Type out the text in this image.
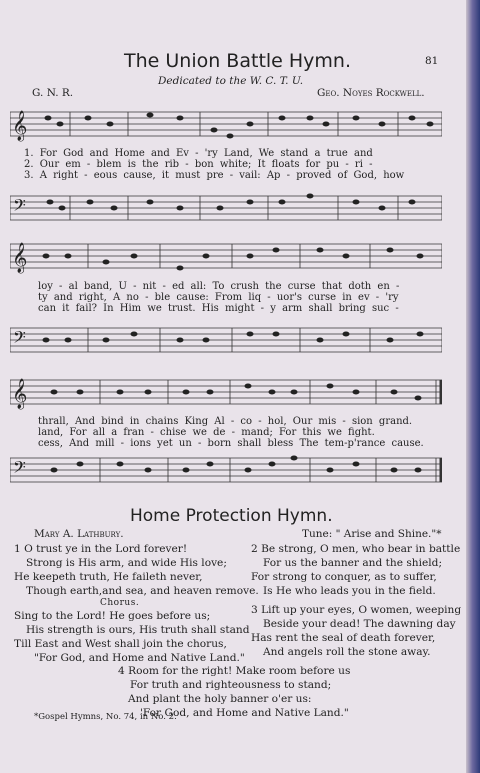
The Union Battle Hymn.	81
Dedicated to the W. C. T. U.
G. N. R.	Geo. Noyes Rockwell.
𝄞
1. For God and Home and Ev - 'ry Land, We stand a true and
2. Our em - blem is the rib - bon white; It floats for pu - ri -
3. A right - eous cause, it must pre - vail: Ap - proved of God, how
𝄢
𝄞
loy - al band, U - nit - ed all: To crush the curse that doth en -
ty and right, A no - ble cause: From liq - uor's curse in ev - 'ry
can it fail? In Him we trust. His might - y arm shall bring suc -
𝄢
𝄞
thrall, And bind in chains King Al - co - hol, Our mis - sion grand.
land, For all a fran - chise we de - mand; For this we fight.
cess, And mill - ions yet un - born shall bless The tem-p'rance cause.
𝄢
Home Protection Hymn.
Mary A. Lathbury.	Tune: " Arise and Shine."*
1 O trust ye in the Lord forever!
Strong is His arm, and wide His love;
He keepeth truth, He faileth never,
Though earth,and sea, and heaven remove.
Chorus.
Sing to the Lord! He goes before us;
His strength is ours, His truth shall stand
Till East and West shall join the chorus,
"For God, and Home and Native Land."
2 Be strong, O men, who bear in battle
For us the banner and the shield;
For strong to conquer, as to suffer,
Is He who leads you in the field.
3 Lift up your eyes, O women, weeping
Beside your dead! The dawning day
Has rent the seal of death forever,
And angels roll the stone away.
4 Room for the right! Make room before us
For truth and righteousness to stand;
And plant the holy banner o'er us:
'For God, and Home and Native Land."
*Gospel Hymns, No. 74, in No. 2.
